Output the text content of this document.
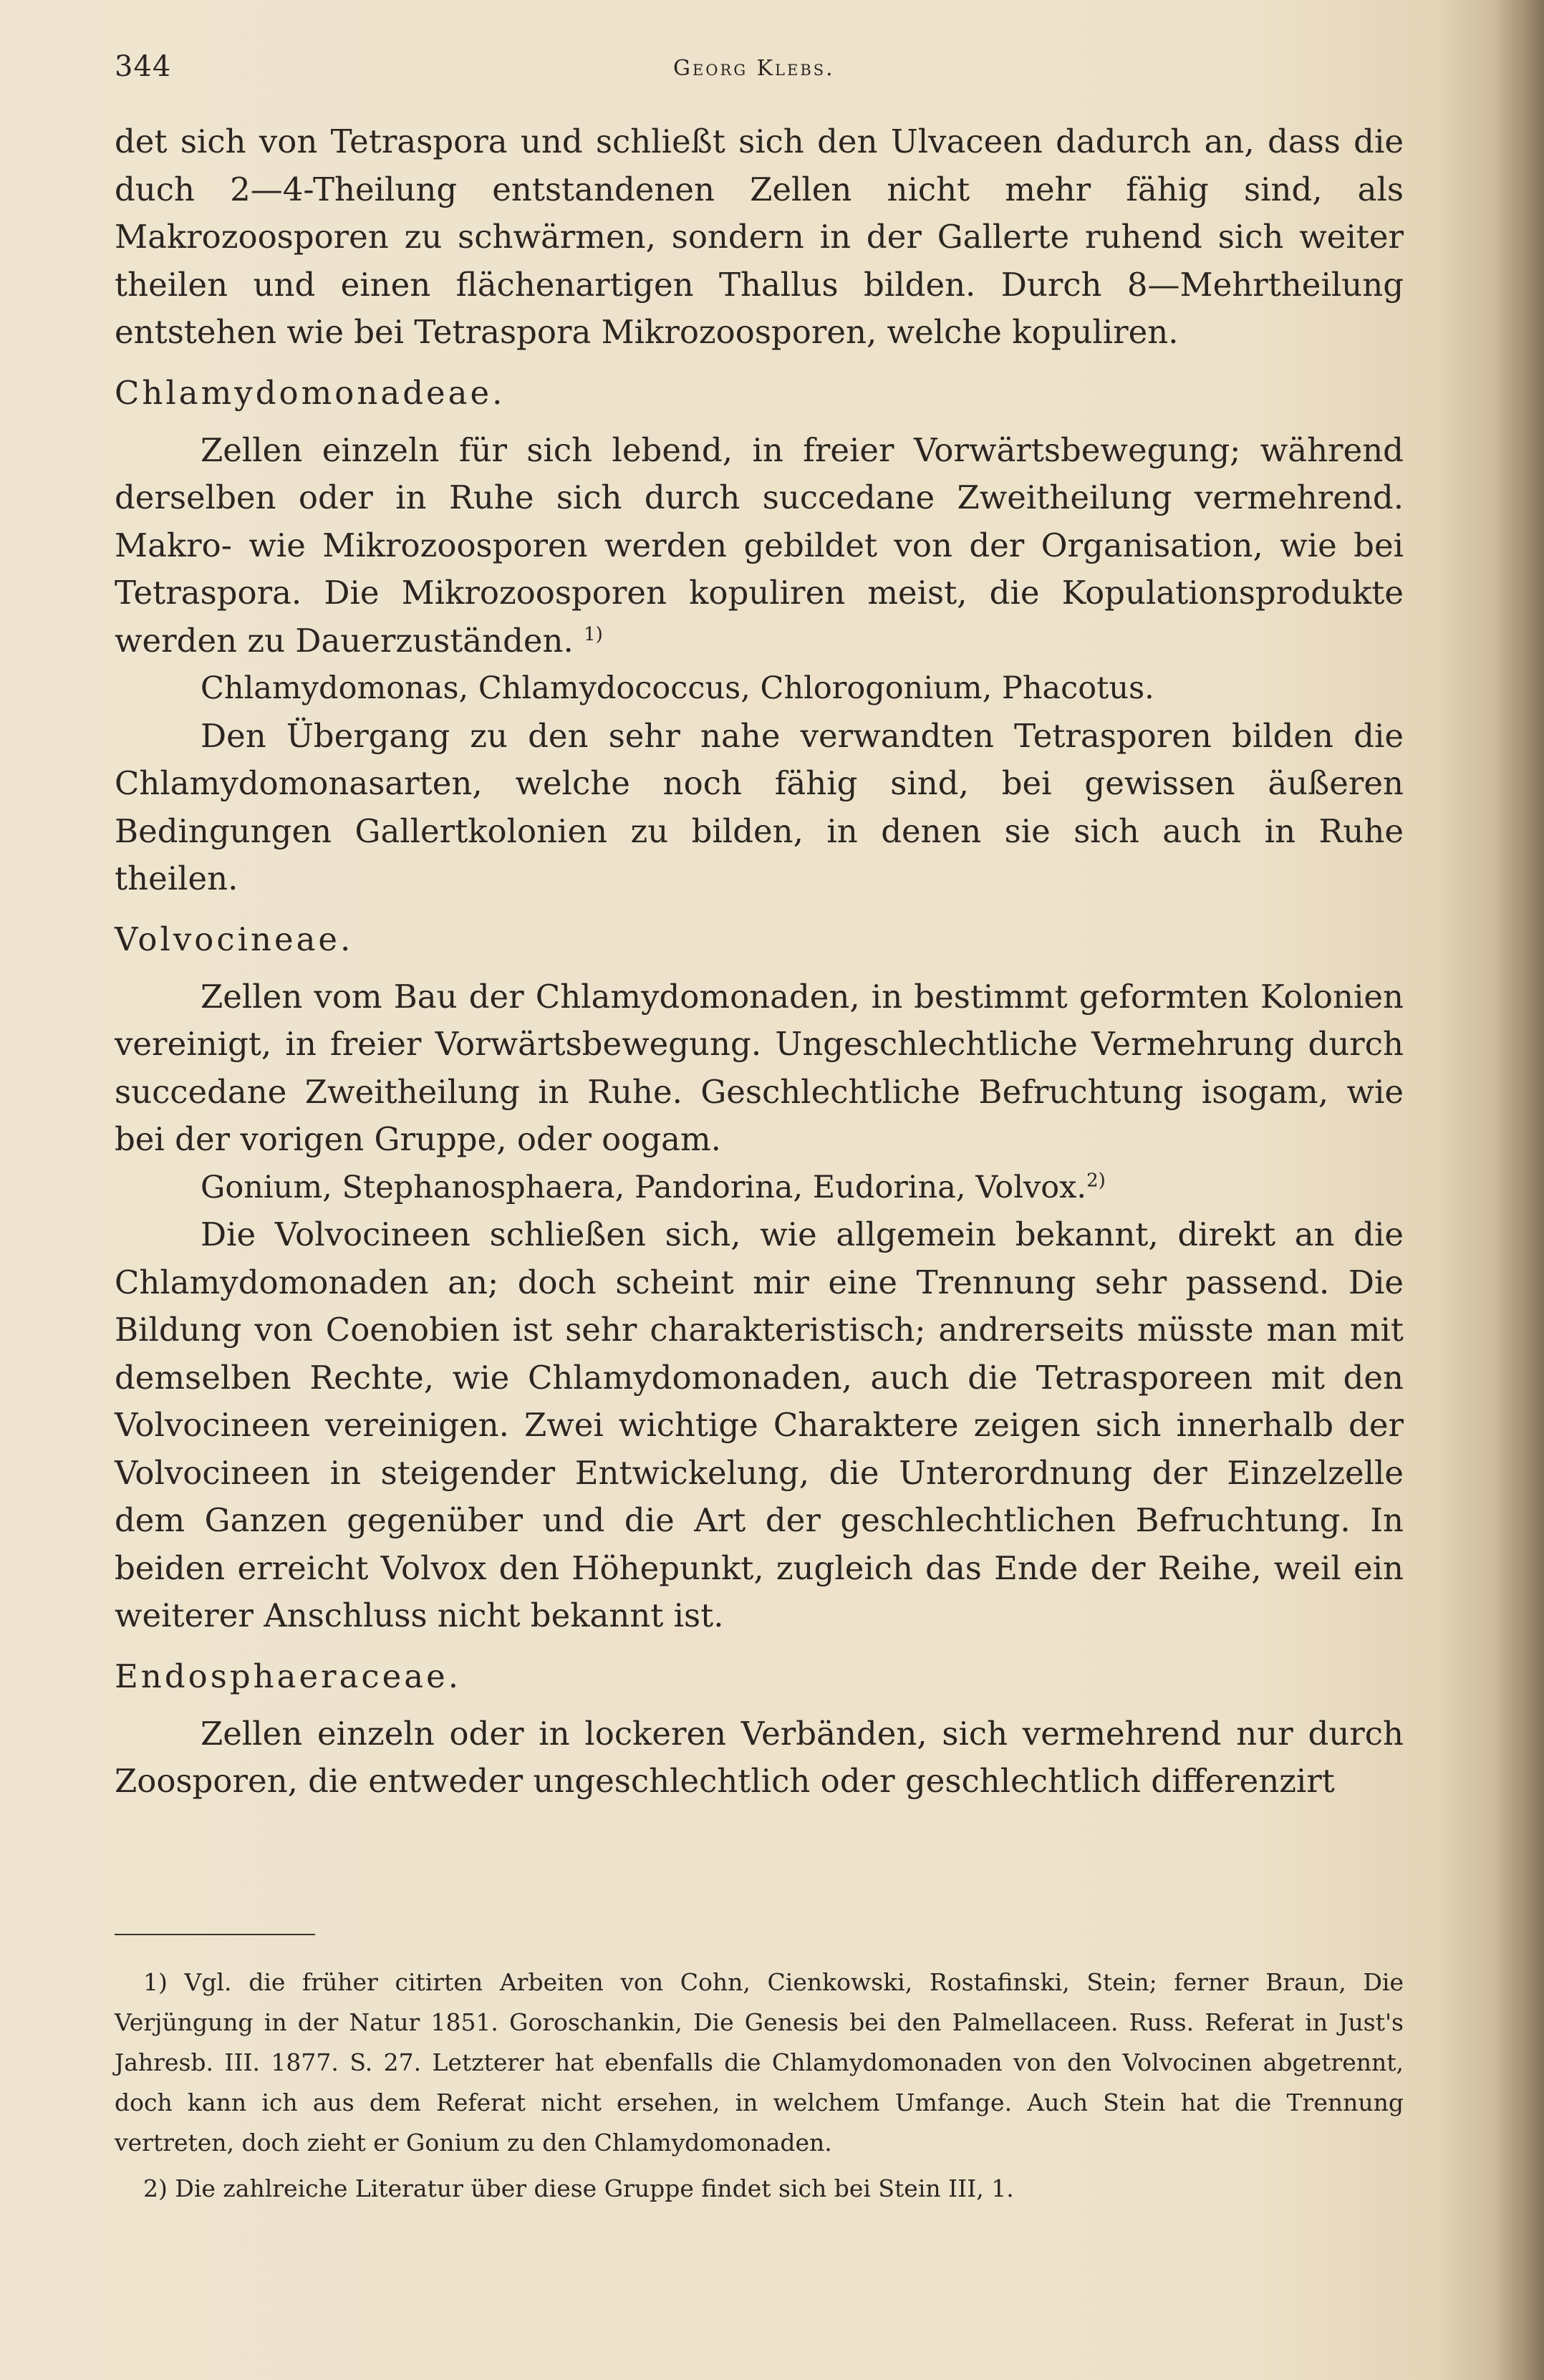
344	Georg Klebs.

det sich von Tetraspora und schließt sich den Ulvaceen dadurch an, dass die duch 2—4-Theilung entstandenen Zellen nicht mehr fähig sind, als Makrozoosporen zu schwärmen, sondern in der Gallerte ruhend sich weiter theilen und einen flächenartigen Thallus bilden. Durch 8—Mehrtheilung entstehen wie bei Tetraspora Mikrozoosporen, welche kopuliren.

Chlamydomonadeae.

Zellen einzeln für sich lebend, in freier Vorwärtsbewegung; während derselben oder in Ruhe sich durch succedane Zweitheilung vermehrend. Makro- wie Mikrozoosporen werden gebildet von der Organisation, wie bei Tetraspora. Die Mikrozoosporen kopuliren meist, die Kopulationsprodukte werden zu Dauerzuständen. $^{1)}$

Chlamydomonas, Chlamydococcus, Chlorogonium, Phacotus.

Den Übergang zu den sehr nahe verwandten Tetrasporen bilden die Chlamydomonasarten, welche noch fähig sind, bei gewissen äußeren Bedingungen Gallertkolonien zu bilden, in denen sie sich auch in Ruhe theilen.

Volvocineae.

Zellen vom Bau der Chlamydomonaden, in bestimmt geformten Kolonien vereinigt, in freier Vorwärtsbewegung. Ungeschlechtliche Vermehrung durch succedane Zweitheilung in Ruhe. Geschlechtliche Befruchtung isogam, wie bei der vorigen Gruppe, oder oogam.

Gonium, Stephanosphaera, Pandorina, Eudorina, Volvox.$^{2)}$

Die Volvocineen schließen sich, wie allgemein bekannt, direkt an die Chlamydomonaden an; doch scheint mir eine Trennung sehr passend. Die Bildung von Coenobien ist sehr charakteristisch; andrerseits müsste man mit demselben Rechte, wie Chlamydomonaden, auch die Tetrasporeen mit den Volvocineen vereinigen. Zwei wichtige Charaktere zeigen sich innerhalb der Volvocineen in steigender Entwickelung, die Unterordnung der Einzelzelle dem Ganzen gegenüber und die Art der geschlechtlichen Befruchtung. In beiden erreicht Volvox den Höhepunkt, zugleich das Ende der Reihe, weil ein weiterer Anschluss nicht bekannt ist.

Endosphaeraceae.

Zellen einzeln oder in lockeren Verbänden, sich vermehrend nur durch Zoosporen, die entweder ungeschlechtlich oder geschlechtlich differenzirt

1) Vgl. die früher citirten Arbeiten von Cohn, Cienkowski, Rostafinski, Stein; ferner Braun, Die Verjüngung in der Natur 1851. Goroschankin, Die Genesis bei den Palmellaceen. Russ. Referat in Just's Jahresb. III. 1877. S. 27. Letzterer hat ebenfalls die Chlamydomonaden von den Volvocinen abgetrennt, doch kann ich aus dem Referat nicht ersehen, in welchem Umfange. Auch Stein hat die Trennung vertreten, doch zieht er Gonium zu den Chlamydomonaden.

2) Die zahlreiche Literatur über diese Gruppe findet sich bei Stein III, 1.
